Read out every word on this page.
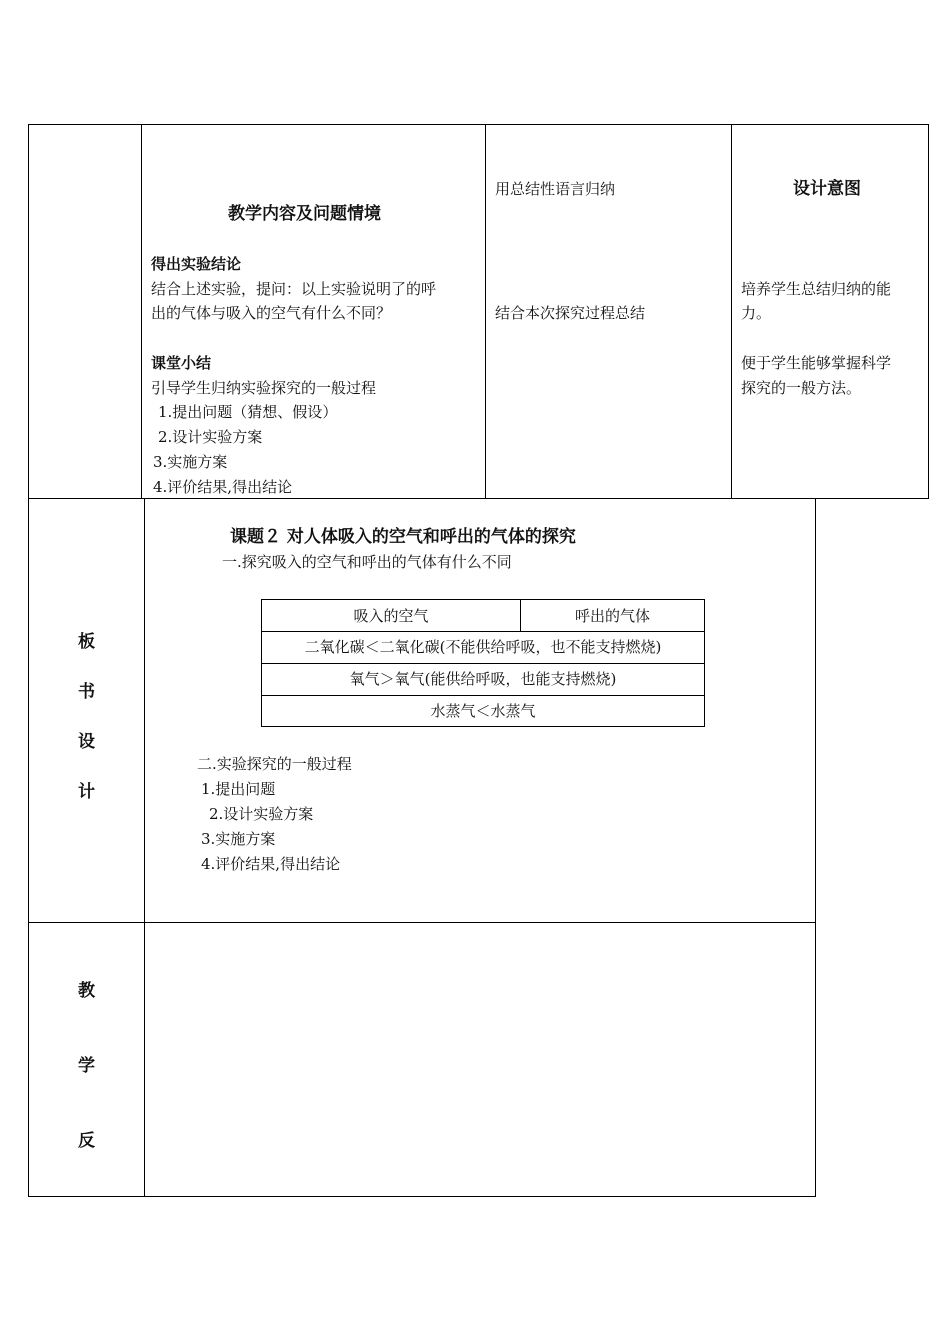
教学内容及问题情境
得出实验结论
结合上述实验，提问：以上实验说明了的呼
出的气体与吸入的空气有什么不同？
课堂小结
引导学生归纳实验探究的一般过程
1.提出问题（猜想、假设）
2.设计实验方案
3.实施方案
4.评价结果,得出结论
用总结性语言归纳
结合本次探究过程总结
设计意图
培养学生总结归纳的能
力。
便于学生能够掌握科学
探究的一般方法。
板
书
设
计
课题２ 对人体吸入的空气和呼出的气体的探究
一.探究吸入的空气和呼出的气体有什么不同
吸入的空气	呼出的气体
二氧化碳＜二氧化碳(不能供给呼吸，也不能支持燃烧)
氧气＞氧气(能供给呼吸，也能支持燃烧)
水蒸气＜水蒸气
二.实验探究的一般过程
1.提出问题
2.设计实验方案
3.实施方案
4.评价结果,得出结论
教
学
反
